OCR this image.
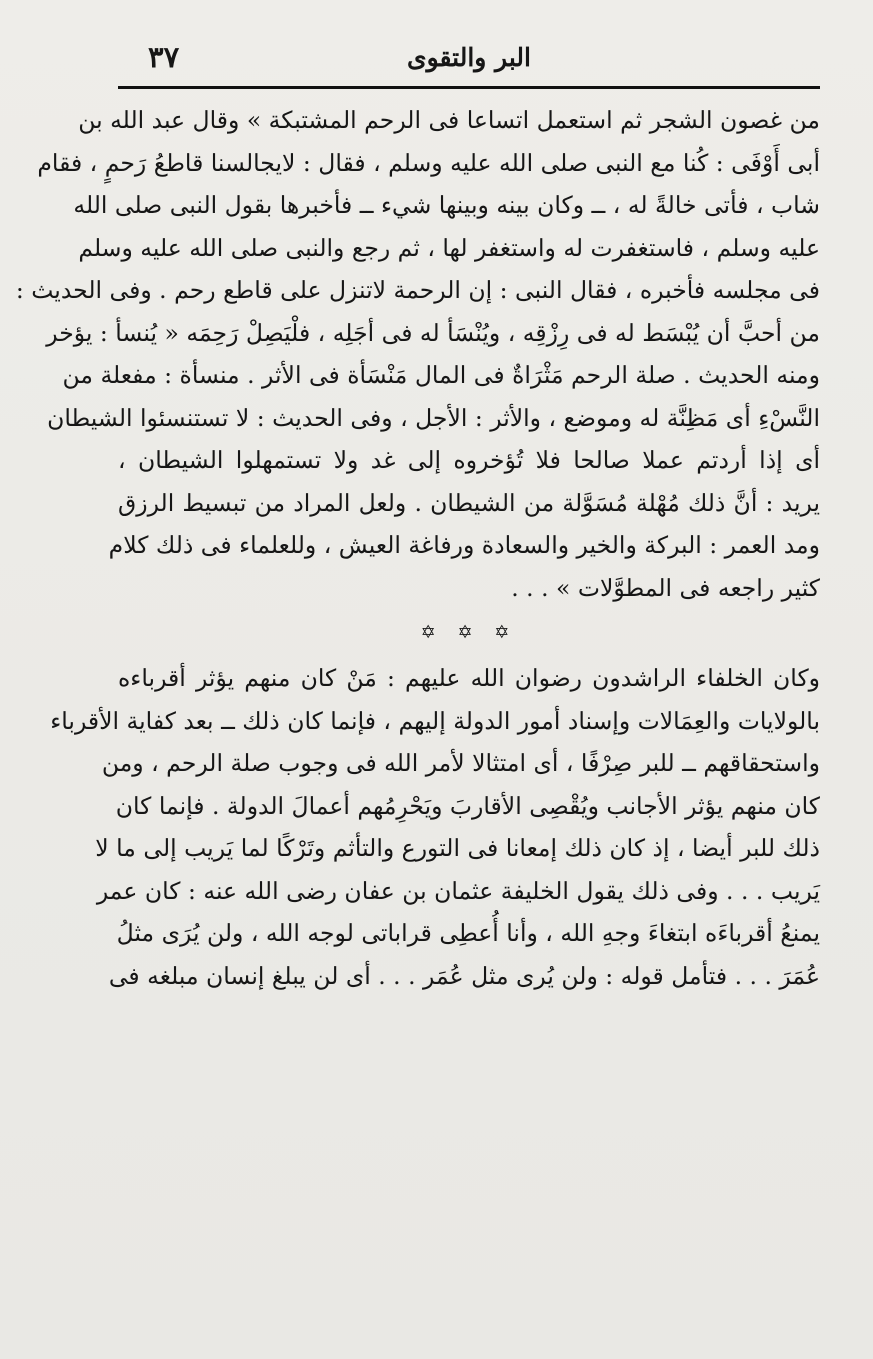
البر والتقوى
٣٧
من غصون الشجر ثم استعمل اتساعا فى الرحم المشتبكة » وقال عبد الله بن
أبى أَوْفَى : كُنا مع النبى صلى الله عليه وسلم ، فقال : لايجالسنا قاطعُ رَحمٍ ، فقام
شاب ، فأتى خالةً له ، ــ وكان بينه وبينها شيء ــ فأخبرها بقول النبى صلى الله
عليه وسلم ، فاستغفرت له واستغفر لها ، ثم رجع والنبى صلى الله عليه وسلم
فى مجلسه فأخبره ، فقال النبى : إن الرحمة لاتنزل على قاطع رحم . وفى الحديث :
من أحبَّ أن يُبْسَط له فى رِزْقِه ، ويُنْسَأ له فى أجَلِه ، فلْيَصِلْ رَحِمَه « يُنسأ : يؤخر
ومنه الحديث . صلة الرحم مَثْرَاةٌ فى المال مَنْسَأة فى الأثر . منسأة : مفعلة من
النَّسْءِ أى مَظِنَّة له وموضع ، والأثر : الأجل ، وفى الحديث : لا تستنسئوا الشيطان
أى إذا أردتم عملا صالحا فلا تُؤخروه إلى غد ولا تستمهلوا الشيطان ،
يريد : أنَّ ذلك مُهْلة مُسَوَّلة من الشيطان . ولعل المراد من تبسيط الرزق
ومد العمر : البركة والخير والسعادة ورفاغة العيش ، وللعلماء فى ذلك كلام
كثير راجعه فى المطوَّلات » . . .
✡ ✡ ✡
وكان الخلفاء الراشدون رضوان الله عليهم : مَنْ كان منهم يؤثر أقرباءه
بالولايات والعِمَالات وإسناد أمور الدولة إليهم ، فإنما كان ذلك ــ بعد كفاية الأقرباء
واستحقاقهم ــ للبر صِرْفًا ، أى امتثالا لأمر الله فى وجوب صلة الرحم ، ومن
كان منهم يؤثر الأجانب ويُقْصِى الأقاربَ ويَحْرِمُهم أعمالَ الدولة . فإنما كان
ذلك للبر أيضا ، إذ كان ذلك إمعانا فى التورع والتأثم وتَرْكًا لما يَريب إلى ما لا
يَريب . . . وفى ذلك يقول الخليفة عثمان بن عفان رضى الله عنه : كان عمر
يمنعُ أقرباءَه ابتغاءَ وجهِ الله ، وأنا أُعطِى قراباتى لوجه الله ، ولن يُرَى مثلُ
عُمَرَ . . . فتأمل قوله : ولن يُرى مثل عُمَر . . . أى لن يبلغ إنسان مبلغه فى
